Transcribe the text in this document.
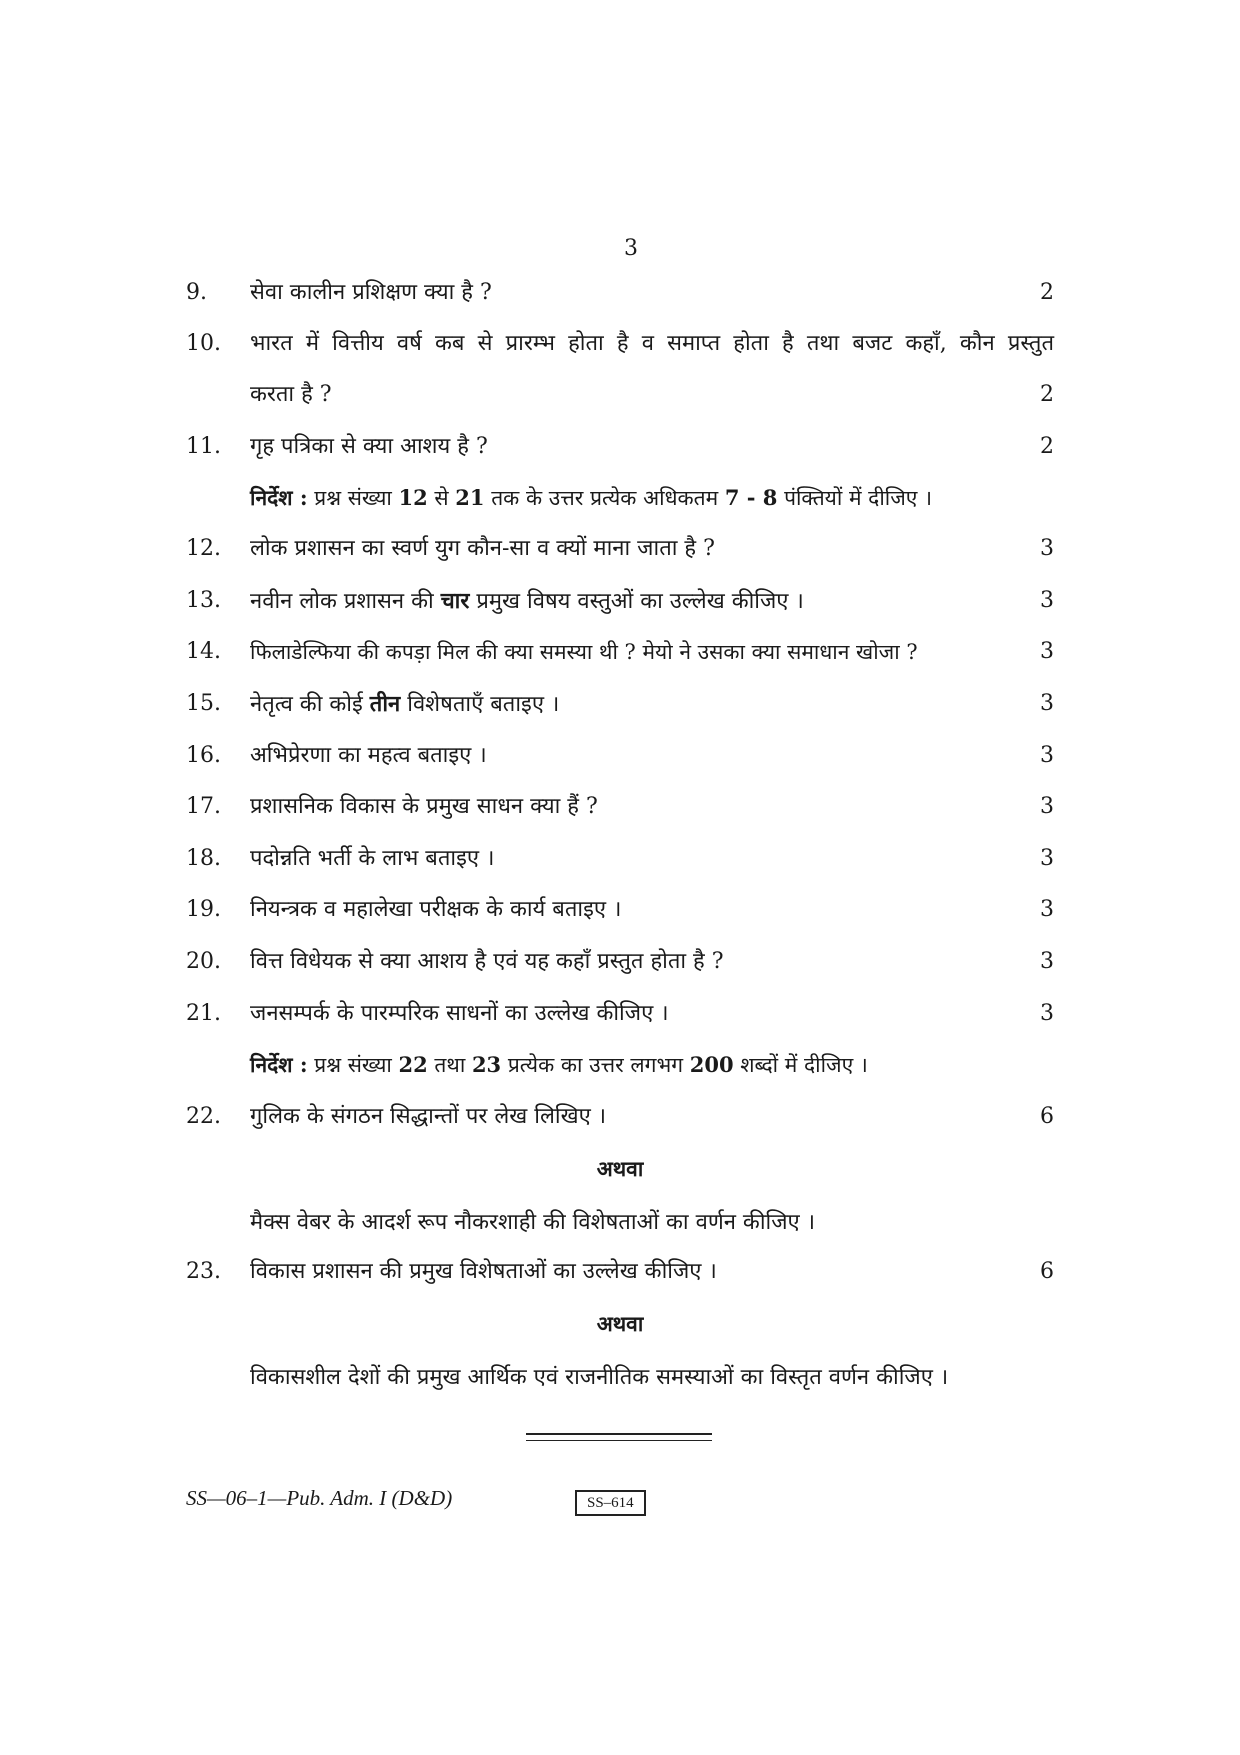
3
9.	सेवा कालीन प्रशिक्षण क्या है ?	2
10.	भारत में वित्तीय वर्ष कब से प्रारम्भ होता है व समाप्त होता है तथा बजट कहाँ, कौन प्रस्तुत
करता है ?	2
11.	गृह पत्रिका से क्या आशय है ?	2
निर्देश : प्रश्न संख्या 12 से 21 तक के उत्तर प्रत्येक अधिकतम 7 - 8 पंक्तियों में दीजिए ।
12.	लोक प्रशासन का स्वर्ण युग कौन-सा व क्यों माना जाता है ?	3
13.	नवीन लोक प्रशासन की चार प्रमुख विषय वस्तुओं का उल्लेख कीजिए ।	3
14.	फिलाडेल्फिया की कपड़ा मिल की क्या समस्या थी ? मेयो ने उसका क्या समाधान खोजा ?	3
15.	नेतृत्व की कोई तीन विशेषताएँ बताइए ।	3
16.	अभिप्रेरणा का महत्व बताइए ।	3
17.	प्रशासनिक विकास के प्रमुख साधन क्या हैं ?	3
18.	पदोन्नति भर्ती के लाभ बताइए ।	3
19.	नियन्त्रक व महालेखा परीक्षक के कार्य बताइए ।	3
20.	वित्त विधेयक से क्या आशय है एवं यह कहाँ प्रस्तुत होता है ?	3
21.	जनसम्पर्क के पारम्परिक साधनों का उल्लेख कीजिए ।	3
निर्देश : प्रश्न संख्या 22 तथा 23 प्रत्येक का उत्तर लगभग 200 शब्दों में दीजिए ।
22.	गुलिक के संगठन सिद्धान्तों पर लेख लिखिए ।	6
अथवा
मैक्स वेबर के आदर्श रूप नौकरशाही की विशेषताओं का वर्णन कीजिए ।
23.	विकास प्रशासन की प्रमुख विशेषताओं का उल्लेख कीजिए ।	6
अथवा
विकासशील देशों की प्रमुख आर्थिक एवं राजनीतिक समस्याओं का विस्तृत वर्णन कीजिए ।
SS—06–1—Pub. Adm. I (D&D)	SS–614
